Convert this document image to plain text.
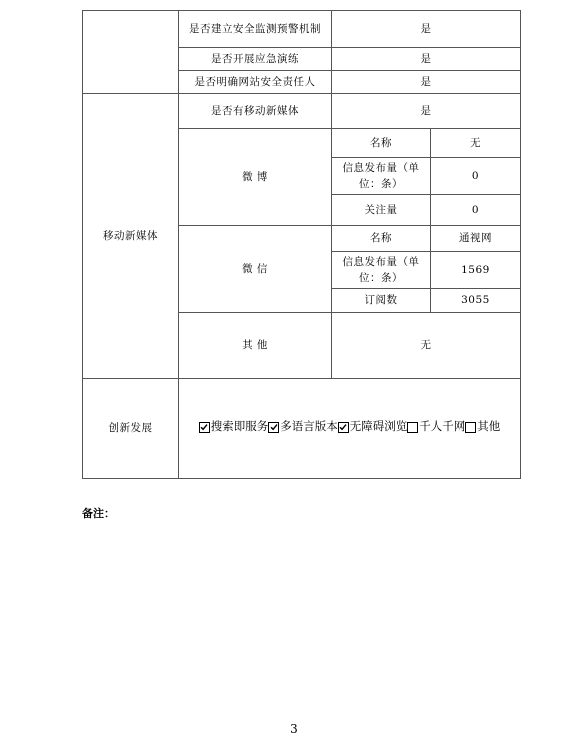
	是否建立安全监测预警机制	是	
	是否开展应急演练	是	
	是否明确网站安全责任人	是	
移动新媒体	是否有移动新媒体	是	
	微 博	名称	无
		信息发布量（单位：条）	0
		关注量	0
	微 信	名称	通视网
		信息发布量（单位：条）	1569
		订阅数	3055
	其 他	无	
创新发展	搜索即服务 多语言版本 无障碍浏览 千人千网 其他		
备注：
3
